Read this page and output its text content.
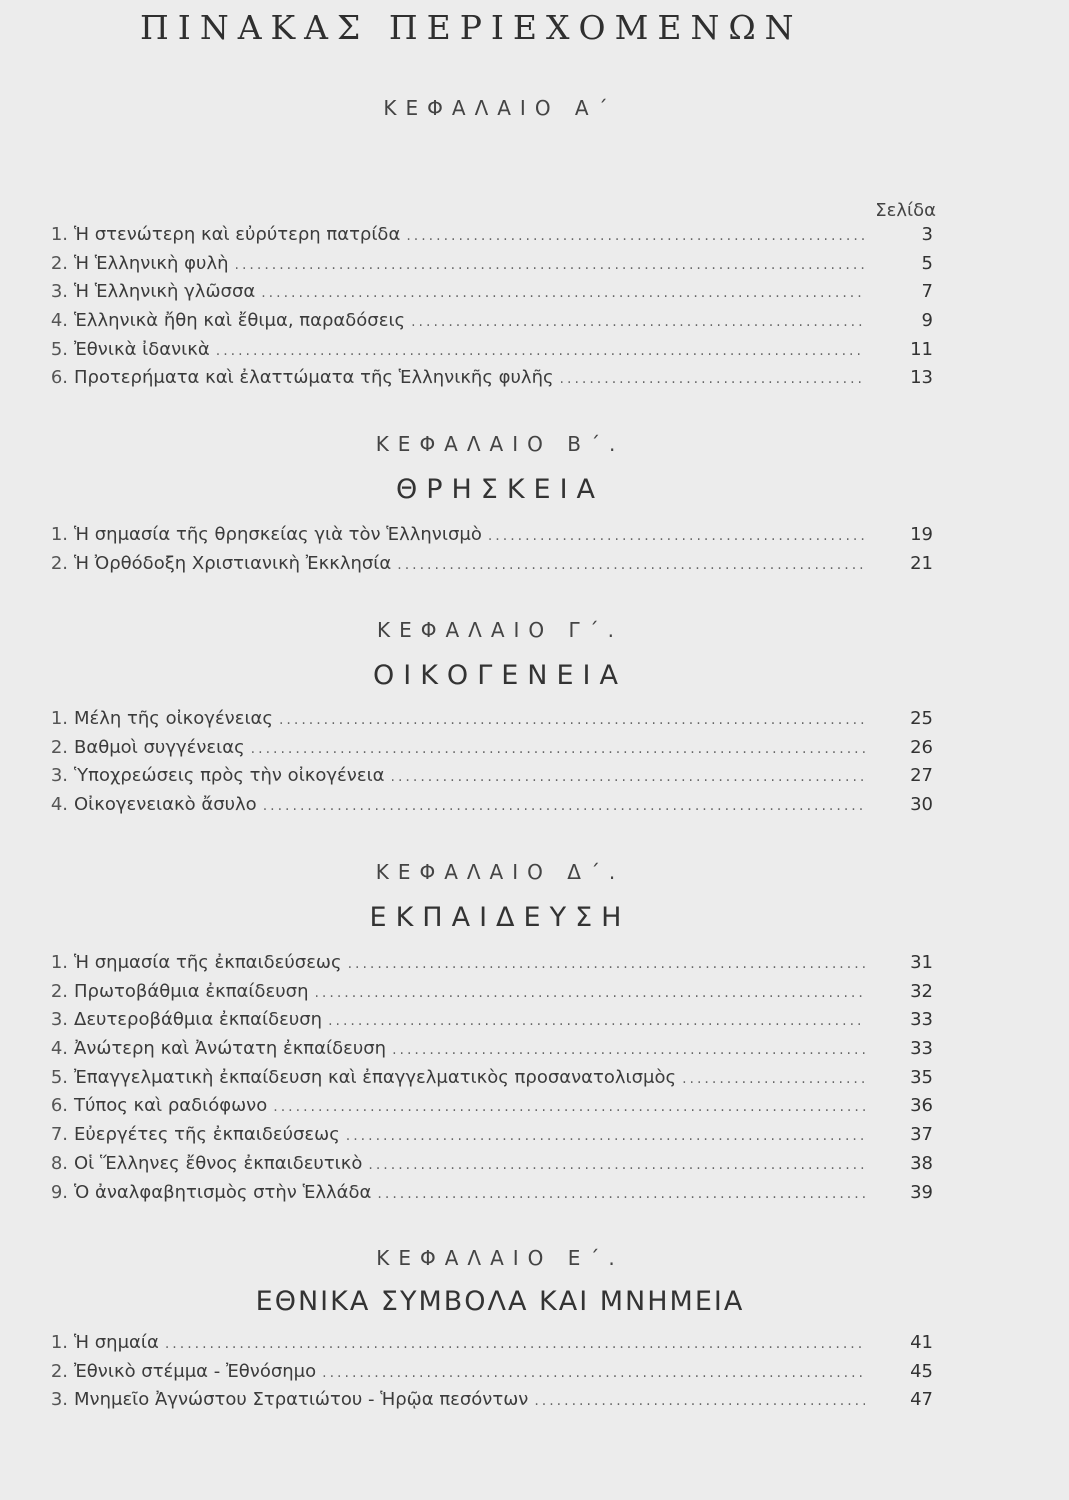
ΠΙΝΑΚΑΣ ΠΕΡΙΕΧΟΜΕΝΩΝ
ΚΕΦΑΛΑΙΟ Α΄
Σελίδα
1. Ἡ στενώτερη καὶ εὐρύτερη πατρίδα .....	3
2. Ἡ Ἑλληνικὴ φυλὴ .....	5
3. Ἡ Ἑλληνικὴ γλῶσσα .....	7
4. Ἑλληνικὰ ἤθη καὶ ἔθιμα, παραδόσεις .....	9
5. Ἐθνικὰ ἰδανικὰ .....	11
6. Προτερήματα καὶ ἐλαττώματα τῆς Ἑλληνικῆς φυλῆς .....	13
ΚΕΦΑΛΑΙΟ Β΄.
ΘΡΗΣΚΕΙΑ
1. Ἡ σημασία τῆς θρησκείας γιὰ τὸν Ἑλληνισμὸ .....	19
2. Ἡ Ὀρθόδοξη Χριστιανικὴ Ἐκκλησία .....	21
ΚΕΦΑΛΑΙΟ Γ΄.
ΟΙΚΟΓΕΝΕΙΑ
1. Μέλη τῆς οἰκογένειας .....	25
2. Βαθμοὶ συγγένειας .....	26
3. Ὑποχρεώσεις πρὸς τὴν οἰκογένεια .....	27
4. Οἰκογενειακὸ ἄσυλο .....	30
ΚΕΦΑΛΑΙΟ Δ΄.
ΕΚΠΑΙΔΕΥΣΗ
1. Ἡ σημασία τῆς ἐκπαιδεύσεως .....	31
2. Πρωτοβάθμια ἐκπαίδευση .....	32
3. Δευτεροβάθμια ἐκπαίδευση .....	33
4. Ἀνώτερη καὶ Ἀνώτατη ἐκπαίδευση .....	33
5. Ἐπαγγελματικὴ ἐκπαίδευση καὶ ἐπαγγελματικὸς προσανατολισμὸς .....	35
6. Τύπος καὶ ραδιόφωνο .....	36
7. Εὐεργέτες τῆς ἐκπαιδεύσεως .....	37
8. Οἱ Ἕλληνες ἔθνος ἐκπαιδευτικὸ .....	38
9. Ὁ ἀναλφαβητισμὸς στὴν Ἑλλάδα .....	39
ΚΕΦΑΛΑΙΟ Ε΄.
ΕΘΝΙΚΑ ΣΥΜΒΟΛΑ ΚΑΙ ΜΝΗΜΕΙΑ
1. Ἡ σημαία .....	41
2. Ἐθνικὸ στέμμα - Ἐθνόσημο .....	45
3. Μνημεῖο Ἀγνώστου Στρατιώτου - Ἡρῷα πεσόντων .....	47
